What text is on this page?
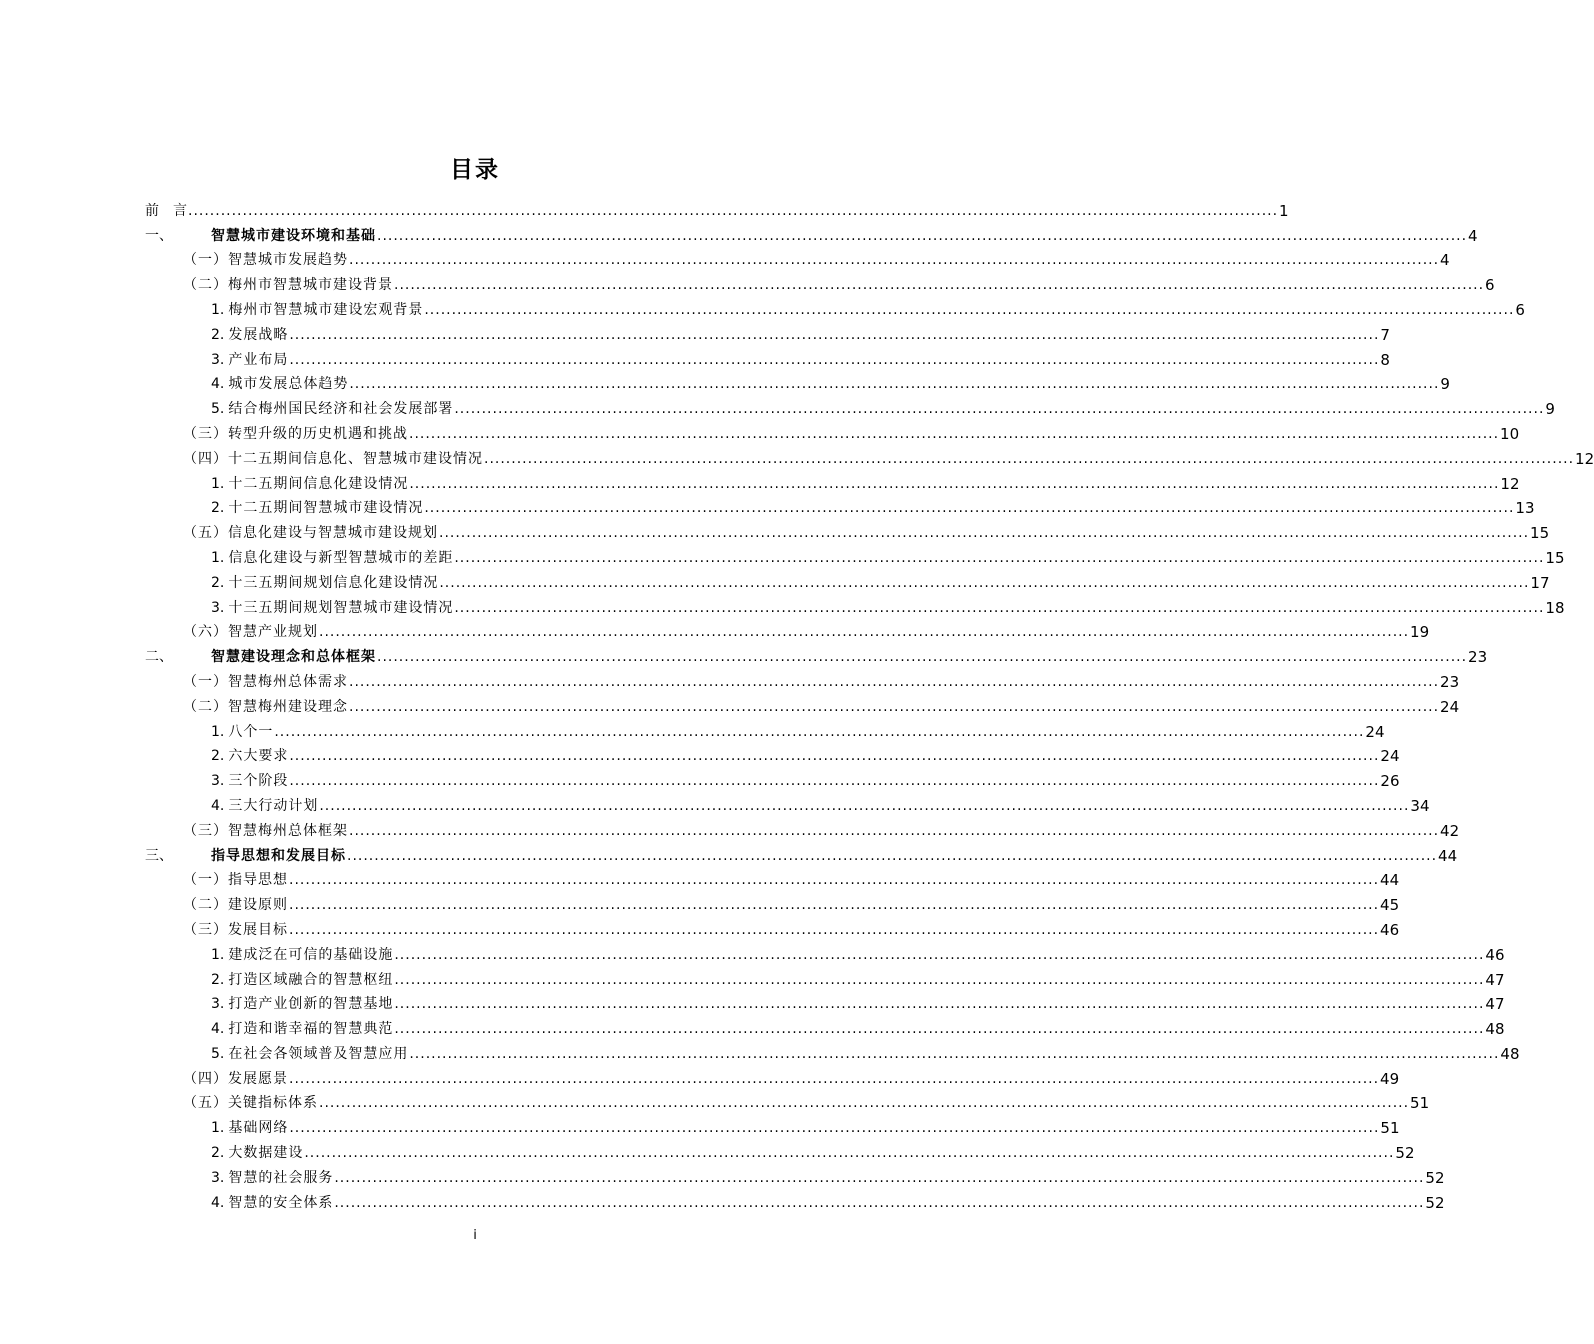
目录
前　言 ........................................................................................................................................................................................................ 1
一、	智慧城市建设环境和基础 ........................................................................................................................................................................................................ 4
（一）智慧城市发展趋势 ........................................................................................................................................................................................................ 4
（二）梅州市智慧城市建设背景 ........................................................................................................................................................................................................ 6
1. 梅州市智慧城市建设宏观背景 ........................................................................................................................................................................................................ 6
2. 发展战略 ........................................................................................................................................................................................................ 7
3. 产业布局 ........................................................................................................................................................................................................ 8
4. 城市发展总体趋势 ........................................................................................................................................................................................................ 9
5. 结合梅州国民经济和社会发展部署 ........................................................................................................................................................................................................ 9
（三）转型升级的历史机遇和挑战 ........................................................................................................................................................................................................ 10
（四）十二五期间信息化、智慧城市建设情况 ........................................................................................................................................................................................................ 12
1. 十二五期间信息化建设情况 ........................................................................................................................................................................................................ 12
2. 十二五期间智慧城市建设情况 ........................................................................................................................................................................................................ 13
（五）信息化建设与智慧城市建设规划 ........................................................................................................................................................................................................ 15
1. 信息化建设与新型智慧城市的差距 ........................................................................................................................................................................................................ 15
2. 十三五期间规划信息化建设情况 ........................................................................................................................................................................................................ 17
3. 十三五期间规划智慧城市建设情况 ........................................................................................................................................................................................................ 18
（六）智慧产业规划 ........................................................................................................................................................................................................ 19
二、	智慧建设理念和总体框架 ........................................................................................................................................................................................................ 23
（一）智慧梅州总体需求 ........................................................................................................................................................................................................ 23
（二）智慧梅州建设理念 ........................................................................................................................................................................................................ 24
1. 八个一 ........................................................................................................................................................................................................ 24
2. 六大要求 ........................................................................................................................................................................................................ 24
3. 三个阶段 ........................................................................................................................................................................................................ 26
4. 三大行动计划 ........................................................................................................................................................................................................ 34
（三）智慧梅州总体框架 ........................................................................................................................................................................................................ 42
三、	指导思想和发展目标 ........................................................................................................................................................................................................ 44
（一）指导思想 ........................................................................................................................................................................................................ 44
（二）建设原则 ........................................................................................................................................................................................................ 45
（三）发展目标 ........................................................................................................................................................................................................ 46
1. 建成泛在可信的基础设施 ........................................................................................................................................................................................................ 46
2. 打造区域融合的智慧枢纽 ........................................................................................................................................................................................................ 47
3. 打造产业创新的智慧基地 ........................................................................................................................................................................................................ 47
4. 打造和谐幸福的智慧典范 ........................................................................................................................................................................................................ 48
5. 在社会各领域普及智慧应用 ........................................................................................................................................................................................................ 48
（四）发展愿景 ........................................................................................................................................................................................................ 49
（五）关键指标体系 ........................................................................................................................................................................................................ 51
1. 基础网络 ........................................................................................................................................................................................................ 51
2. 大数据建设 ........................................................................................................................................................................................................ 52
3. 智慧的社会服务 ........................................................................................................................................................................................................ 52
4. 智慧的安全体系 ........................................................................................................................................................................................................ 52
i
